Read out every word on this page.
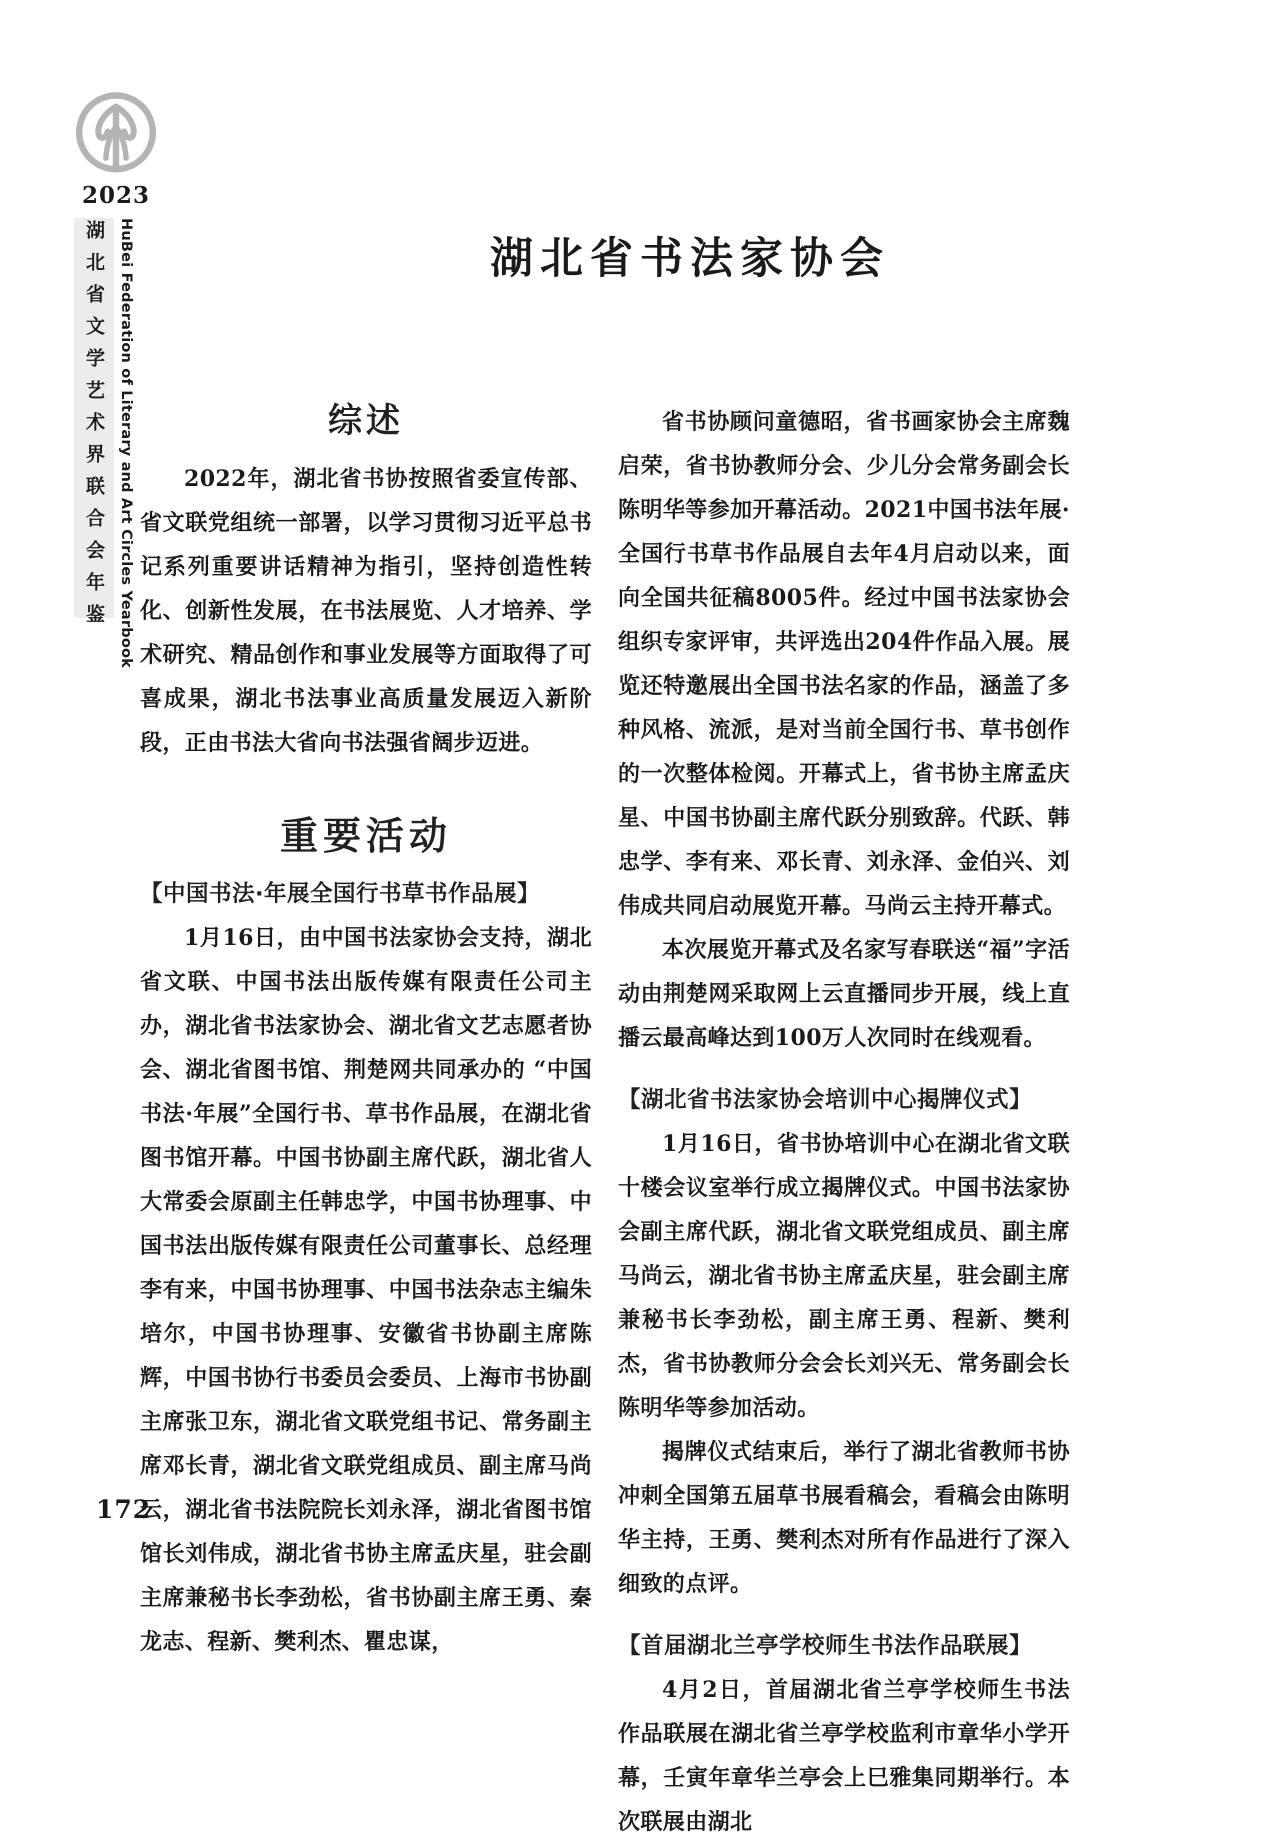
2023
湖北省文学艺术界联合会年鉴 HuBei Federation of Literary and Art Circles Yearbook	湖北省书法家协会
综述

2022年，湖北省书协按照省委宣传部、省文联党组统一部署，以学习贯彻习近平总书记系列重要讲话精神为指引，坚持创造性转化、创新性发展，在书法展览、人才培养、学术研究、精品创作和事业发展等方面取得了可喜成果，湖北书法事业高质量发展迈入新阶段，正由书法大省向书法强省阔步迈进。

重要活动
【中国书法·年展全国行书草书作品展】

1月16日，由中国书法家协会支持，湖北省文联、中国书法出版传媒有限责任公司主办，湖北省书法家协会、湖北省文艺志愿者协会、湖北省图书馆、荆楚网共同承办的 “中国书法·年展”全国行书、草书作品展，在湖北省图书馆开幕。中国书协副主席代跃，湖北省人大常委会原副主任韩忠学，中国书协理事、中国书法出版传媒有限责任公司董事长、总经理李有来，中国书协理事、中国书法杂志主编朱培尔，中国书协理事、安徽省书协副主席陈辉，中国书协行书委员会委员、上海市书协副主席张卫东，湖北省文联党组书记、常务副主席邓长青，湖北省文联党组成员、副主席马尚云，湖北省书法院院长刘永泽，湖北省图书馆馆长刘伟成，湖北省书协主席孟庆星，驻会副主席兼秘书长李劲松，省书协副主席王勇、秦龙志、程新、樊利杰、瞿忠谋，

省书协顾问童德昭，省书画家协会主席魏启荣，省书协教师分会、少儿分会常务副会长陈明华等参加开幕活动。2021中国书法年展·全国行书草书作品展自去年4月启动以来，面向全国共征稿8005件。经过中国书法家协会组织专家评审，共评选出204件作品入展。展览还特邀展出全国书法名家的作品，涵盖了多种风格、流派，是对当前全国行书、草书创作的一次整体检阅。开幕式上，省书协主席孟庆星、中国书协副主席代跃分别致辞。代跃、韩忠学、李有来、邓长青、刘永泽、金伯兴、刘伟成共同启动展览开幕。马尚云主持开幕式。

本次展览开幕式及名家写春联送“福”字活动由荆楚网采取网上云直播同步开展，线上直播云最高峰达到100万人次同时在线观看。

【湖北省书法家协会培训中心揭牌仪式】

1月16日，省书协培训中心在湖北省文联十楼会议室举行成立揭牌仪式。中国书法家协会副主席代跃，湖北省文联党组成员、副主席马尚云，湖北省书协主席孟庆星，驻会副主席兼秘书长李劲松，副主席王勇、程新、樊利杰，省书协教师分会会长刘兴无、常务副会长陈明华等参加活动。

揭牌仪式结束后，举行了湖北省教师书协冲刺全国第五届草书展看稿会，看稿会由陈明华主持，王勇、樊利杰对所有作品进行了深入细致的点评。

【首届湖北兰亭学校师生书法作品联展】

4月2日，首届湖北省兰亭学校师生书法作品联展在湖北省兰亭学校监利市章华小学开幕，壬寅年章华兰亭会上巳雅集同期举行。本次联展由湖北

172
